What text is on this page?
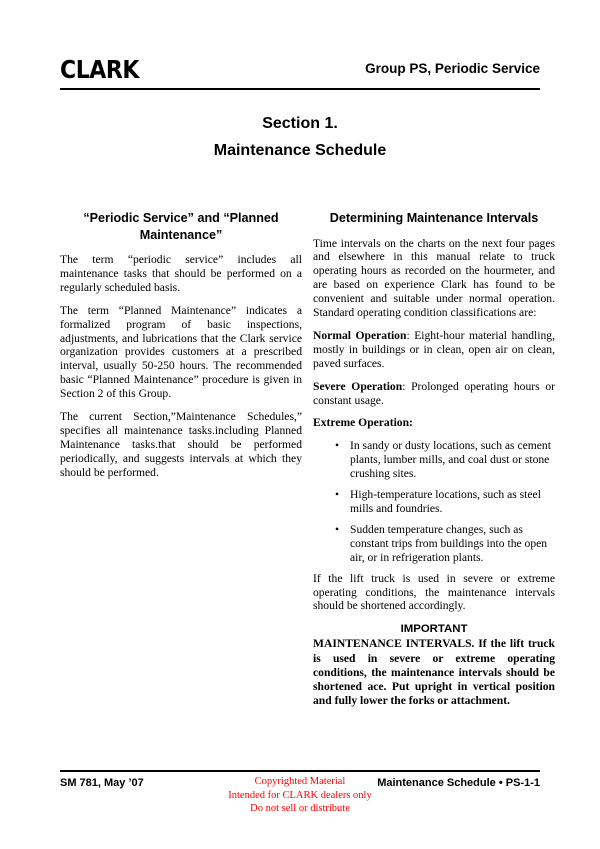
CLARK	Group PS, Periodic Service
Section 1.
Maintenance Schedule
“Periodic Service” and “Planned Maintenance”

The term “periodic service” includes all maintenance tasks that should be performed on a regularly scheduled basis.

The term “Planned Maintenance” indicates a formalized program of basic inspections, adjustments, and lubrications that the Clark service organization provides customers at a prescribed interval, usually 50-250 hours. The recommended basic “Planned Maintenance” procedure is given in Section 2 of this Group.

The current Section,”Maintenance Schedules,” specifies all maintenance tasks.including Planned Maintenance tasks.that should be performed periodically, and suggests intervals at which they should be performed.

Determining Maintenance Intervals

Time intervals on the charts on the next four pages and elsewhere in this manual relate to truck operating hours as recorded on the hourmeter, and are based on experience Clark has found to be convenient and suitable under normal operation. Standard operating condition classifications are:

Normal Operation: Eight-hour material handling, mostly in buildings or in clean, open air on clean, paved surfaces.

Severe Operation: Prolonged operating hours or constant usage.

Extreme Operation:

• In sandy or dusty locations, such as cement plants, lumber mills, and coal dust or stone crushing sites.
• High-temperature locations, such as steel mills and foundries.
• Sudden temperature changes, such as constant trips from buildings into the open air, or in refrigeration plants.

If the lift truck is used in severe or extreme operating conditions, the maintenance intervals should be shortened accordingly.

IMPORTANT

MAINTENANCE INTERVALS. If the lift truck is used in severe or extreme operating conditions, the maintenance intervals should be shortened ace. Put upright in vertical position and fully lower the forks or attachment.

SM 781, May ’07	Copyrighted Material
Intended for CLARK dealers only
Do not sell or distribute
Maintenance Schedule • PS-1-1
